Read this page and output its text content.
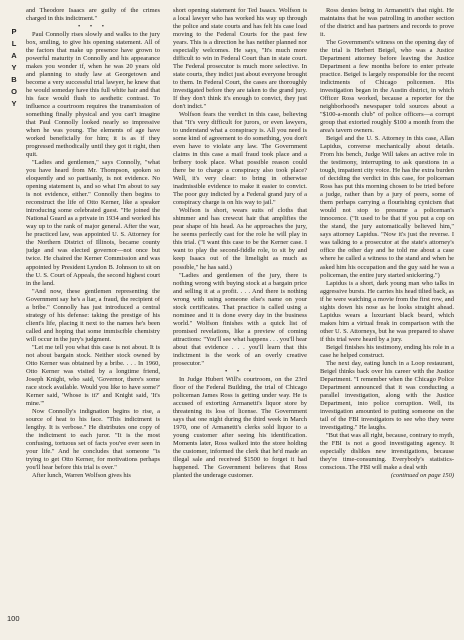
P
L
A
Y
B
O
Y

and Theodore Isaacs are guilty of the crimes charged in this indictment."

• • •

Paul Connolly rises slowly and walks to the jury box, smiling, to give his opening statement. All of the factors that make up presence have grown to powerful maturity in Connolly and his appearance makes you wonder if, when he was 20 years old and planning to study law at Georgetown and become a very successful trial lawyer, he knew that he would someday have this full white hair and that his face would flush to aesthetic contrast. To influence a courtroom requires the transmission of something finally physical and you can't imagine that Paul Connolly looked nearly so impressive when he was young. The elements of age have worked beneficially for him; it is as if they progressed methodically until they got it right, then quit.

"Ladies and gentlemen," says Connolly, "what you have heard from Mr. Thompson, spoken so eloquently and so partisanly, is not evidence. No opening statement is, and so what I'm about to say is not evidence, either." Connolly then begins to reconstruct the life of Otto Kerner, like a speaker introducing some celebrated guest. "He joined the National Guard as a private in 1934 and worked his way up to the rank of major general. After the war, he practiced law, was appointed U. S. Attorney for the Northern District of Illinois, became county judge and was elected governor—not once but twice. He chaired the Kerner Commission and was appointed by President Lyndon B. Johnson to sit on the U. S. Court of Appeals, the second highest court in the land.

"And now, these gentlemen representing the Government say he's a liar, a fraud, the recipient of a bribe." Connolly has just introduced a central strategy of his defense: taking the prestige of his client's life, placing it next to the names he's been called and hoping that some immiscible chemistry will occur in the jury's judgment.

"Let me tell you what this case is not about. It is not about bargain stock. Neither stock owned by Otto Kerner was obtained by a bribe. . . . In 1960, Otto Kerner was visited by a longtime friend, Joseph Knight, who said, 'Governor, there's some race stock available. Would you like to have some?' Kerner said, 'Whose is it?' and Knight said, 'It's mine.'"

Now Connolly's indignation begins to rise, a source of heat to his face. "This indictment is lengthy. It is verbose." He distributes one copy of the indictment to each juror. "It is the most confusing, tortuous set of facts you've ever seen in your life." And he concludes that someone "is trying to get Otto Kerner, for motivations perhaps you'll hear before this trial is over."

After lunch, Warren Wolfson gives his

short opening statement for Ted Isaacs. Wolfson is a local lawyer who has worked his way up through the police and state courts and has felt his case load moving to the Federal Courts for the past few years. This is a direction he has neither planned nor especially welcomes. He says, "It's much more difficult to win in Federal Court than in state court. The Federal prosecutor is much more selective. In state courts, they indict just about everyone brought to them. In Federal Court, the cases are thoroughly investigated before they are taken to the grand jury. If they don't think it's enough to convict, they just don't indict."

Wolfson fears the verdict in this case, believing that "It's very difficult for jurors, or even lawyers, to understand what a conspiracy is. All you need is some kind of agreement to do something, you don't even have to violate any law. The Government claims in this case a mail fraud took place and a bribery took place. What possible reason could there be to charge a conspiracy also took place? Well, it's very clear: to bring in otherwise inadmissible evidence to make it easier to convict. The poor guy indicted by a Federal grand jury of a conspiracy charge is on his way to jail."

Wolfson is short, wears suits of cloths that shimmer and has crewcut hair that amplifies the pear shape of his head. As he approaches the jury, he seems perfectly cast for the role he will play in this trial. ("I want this case to be the Kerner case. I want to play the second-fiddle role, to sit by and keep Isaacs out of the limelight as much as possible," he has said.)

"Ladies and gentlemen of the jury, there is nothing wrong with buying stock at a bargain price and selling it at a profit. . . . And there is nothing wrong with using someone else's name on your stock certificates. That practice is called using a nominee and it is done every day in the business world." Wolfson finishes with a quick list of promised revelations, like a preview of coming attractions: "You'll see what happens . . . you'll hear about that evidence . . . you'll learn that this indictment is the work of an overly creative prosecutor."

• • •

In Judge Hubert Will's courtroom, on the 23rd floor of the Federal Building, the trial of Chicago policeman James Ross is getting under way. He is accused of extorting Armanetti's liquor store by threatening its loss of license. The Government says that one night during the third week in March 1970, one of Armanetti's clerks sold liquor to a young customer after seeing his identification. Moments later, Ross walked into the store holding the customer, informed the clerk that he'd made an illegal sale and received $1500 to forget it had happened. The Government believes that Ross planted the underage customer.

Ross denies being in Armanetti's that night. He maintains that he was patrolling in another section of the district and has partners and records to prove it.

The Government's witness on the opening day of the trial is Herbert Beigel, who was a Justice Department attorney before leaving the Justice Department a few months before to enter private practice. Beigel is largely responsible for the recent indictments of Chicago policemen. His investigation began in the Austin district, in which Officer Ross worked, because a reporter for the neighborhood's newspaper told sources about a "$100-a-month club" of police officers—a corrupt group that extorted roughly $100 a month from the area's tavern owners.

Beigel and the U. S. Attorney in this case, Allan Lapidus, converse mechanically about details. From his bench, Judge Will takes an active role in the testimony, interrupting to ask questions in a tough, impatient city voice. He has the extra burden of deciding the verdict in this case, for policeman Ross has put this morning chosen to be tried before a judge, rather than by a jury of peers, some of them perhaps carrying a flourishing cynicism that would not stop to presume a policeman's innocence. ("It used to be that if you put a cop on the stand, the jury automatically believed him," says attorney Lapidus. "Now it's just the reverse. I was talking to a prosecutor at the state's attorney's office the other day and he told me about a case where he called a witness to the stand and when he asked him his occupation and the guy said he was a policeman, the entire jury started snickering.")

Lapidus is a short, dark young man who talks in aggressive bursts. He carries his head tilted back, as if he were watching a movie from the first row, and sights down his nose as he looks straight ahead. Lapidus wears a luxuriant black beard, which makes him a virtual freak in comparison with the other U. S. Attorneys, but he was prepared to shave if this trial were heard by a jury.

Beigel finishes his testimony, ending his role in a case he helped construct.

The next day, eating lunch in a Loop restaurant, Beigel thinks back over his career with the Justice Department. "I remember when the Chicago Police Department announced that it was conducting a parallel investigation, along with the Justice Department, into police corruption. Well, its investigation amounted to putting someone on the tail of the FBI investigators to see who they were investigating." He laughs.

"But that was all right, because, contrary to myth, the FBI is not a good investigating agency. It especially dislikes new investigations, because they're time-consuming. Everybody's statistics-conscious. The FBI will make a deal with

(continued on page 150)

100
